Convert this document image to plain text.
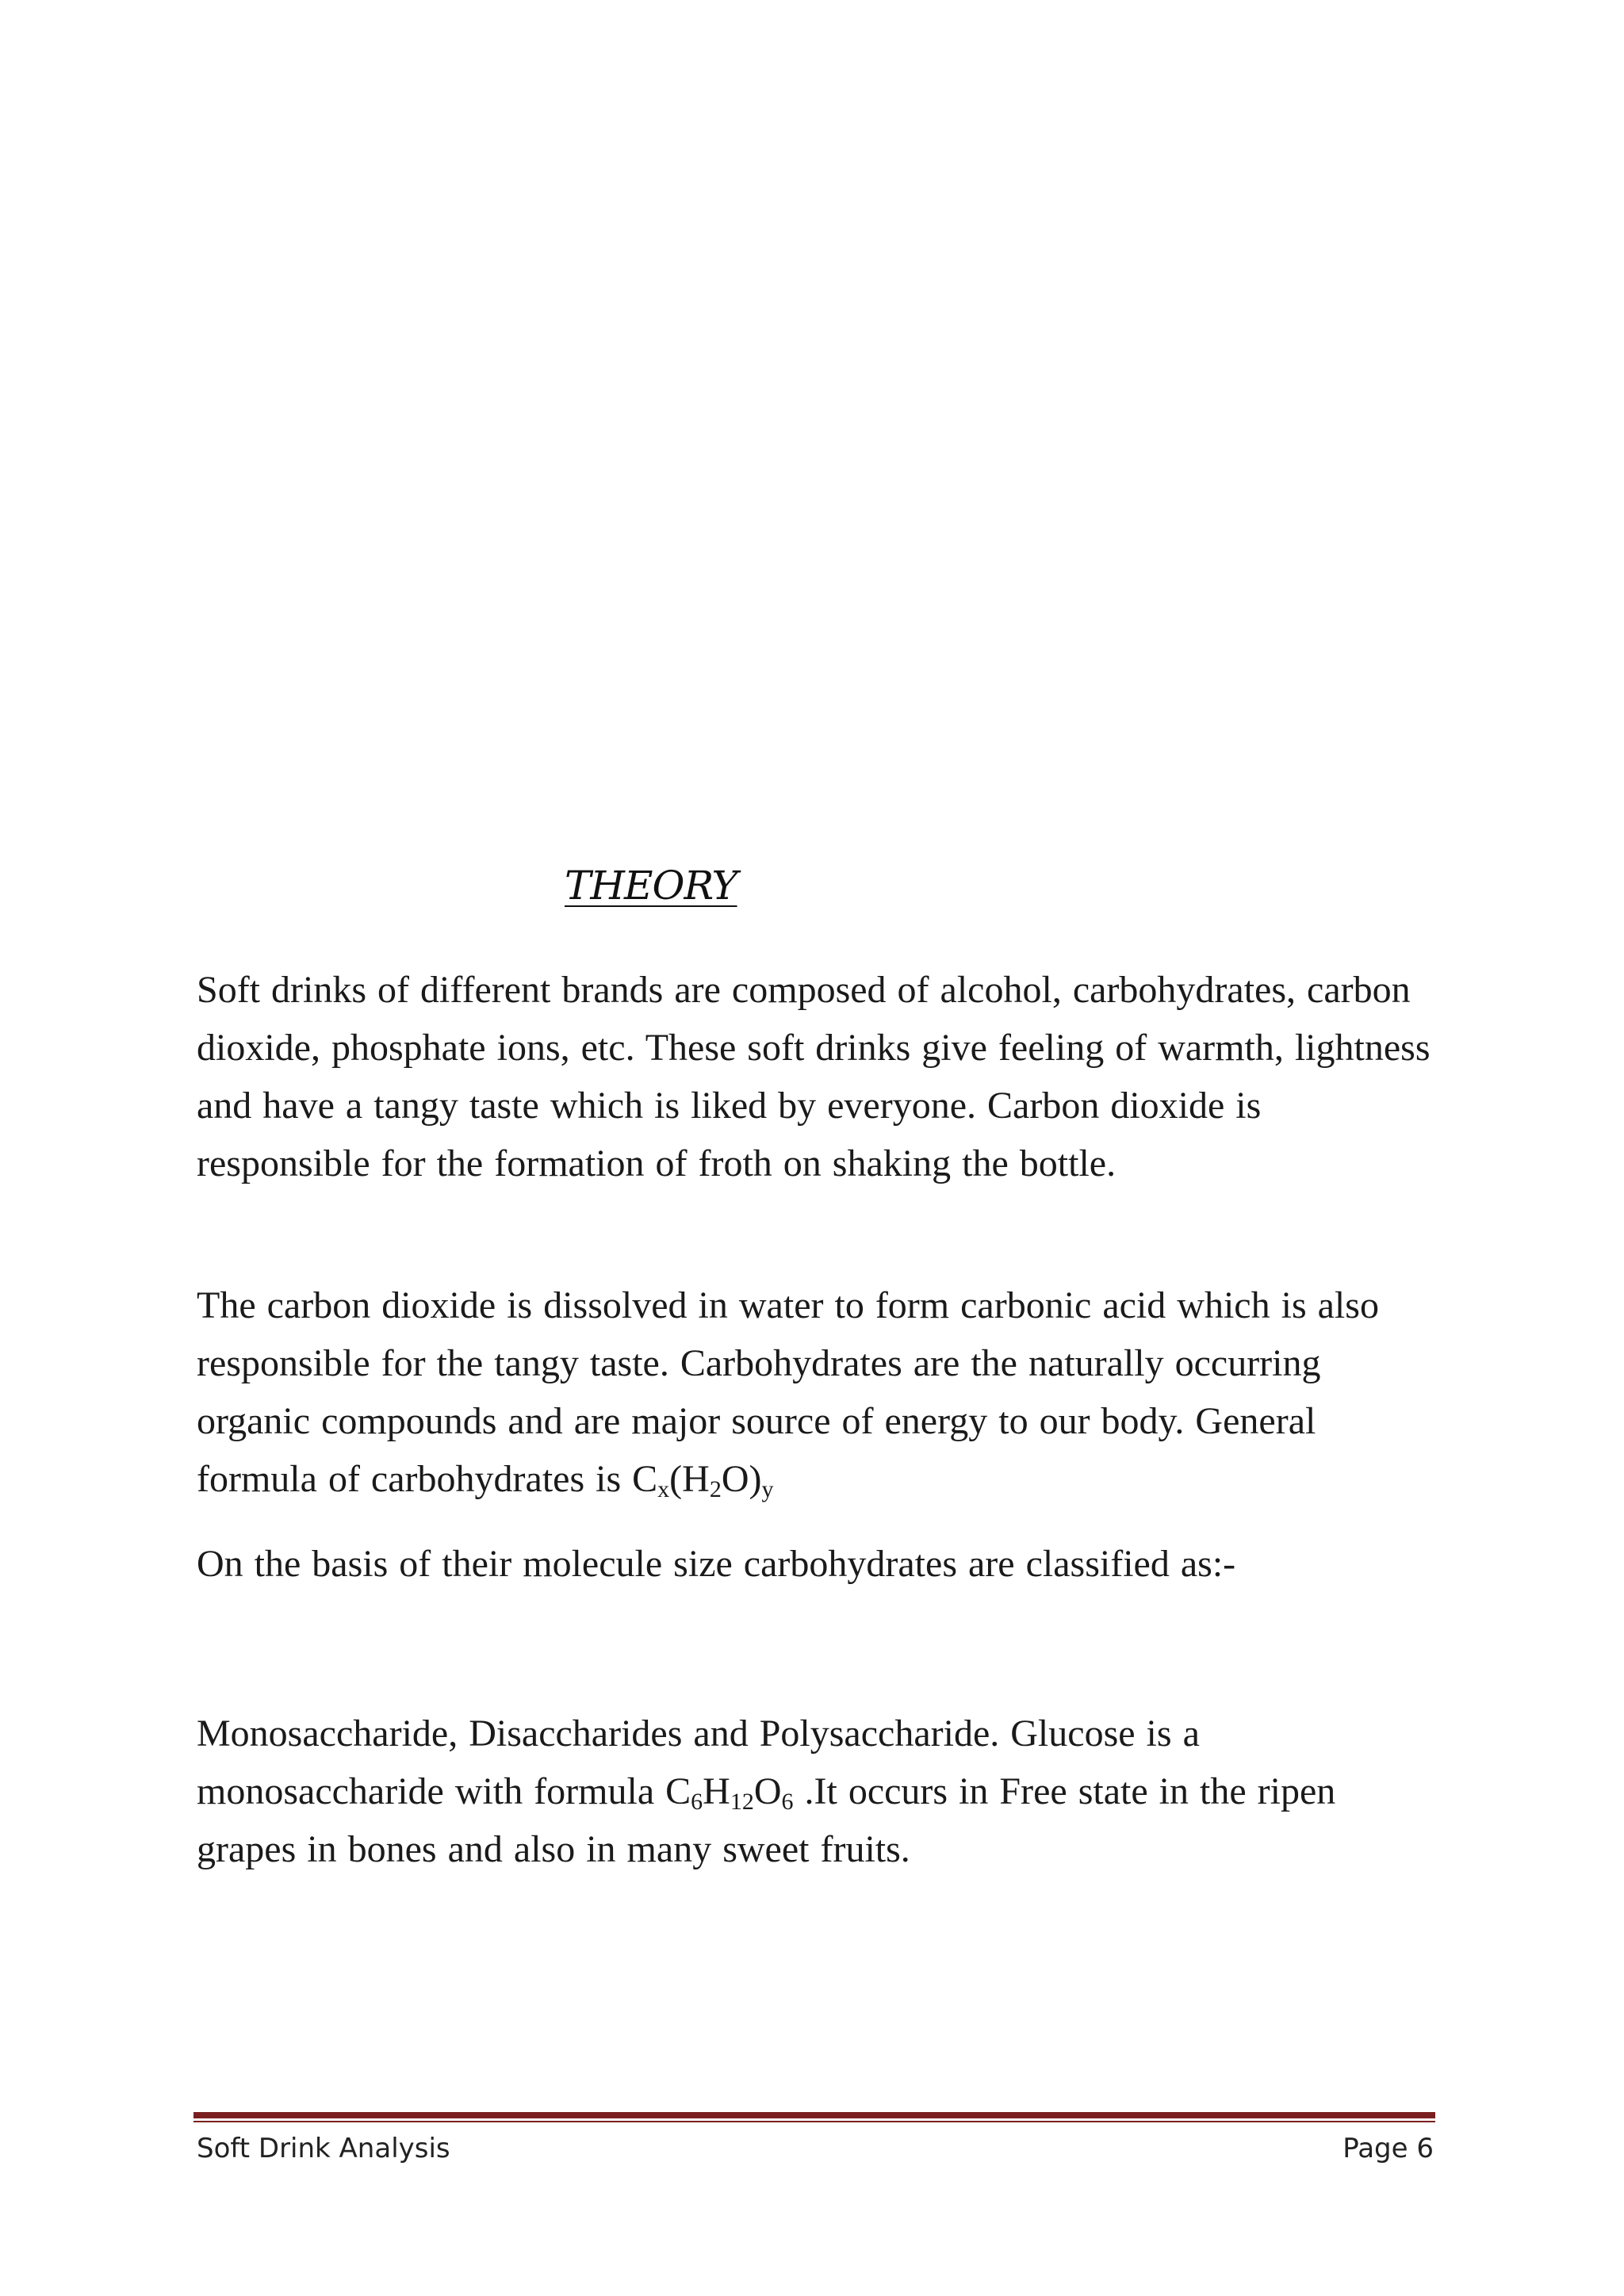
THEORY

Soft drinks of different brands are composed of alcohol, carbohydrates, carbon dioxide, phosphate ions, etc. These soft drinks give feeling of warmth, lightness and have a tangy taste which is liked by everyone. Carbon dioxide is responsible for the formation of froth on shaking the bottle.

The carbon dioxide is dissolved in water to form carbonic acid which is also responsible for the tangy taste. Carbohydrates are the naturally occurring organic compounds and are major source of energy to our body. General formula of carbohydrates is $C_x(H_2O)_y$

On the basis of their molecule size carbohydrates are classified as:-

Monosaccharide, Disaccharides and Polysaccharide. Glucose is a monosaccharide with formula $C_6H_{12}O_6$ .It occurs in Free state in the ripen grapes in bones and also in many sweet fruits.

Soft Drink Analysis	Page 6
